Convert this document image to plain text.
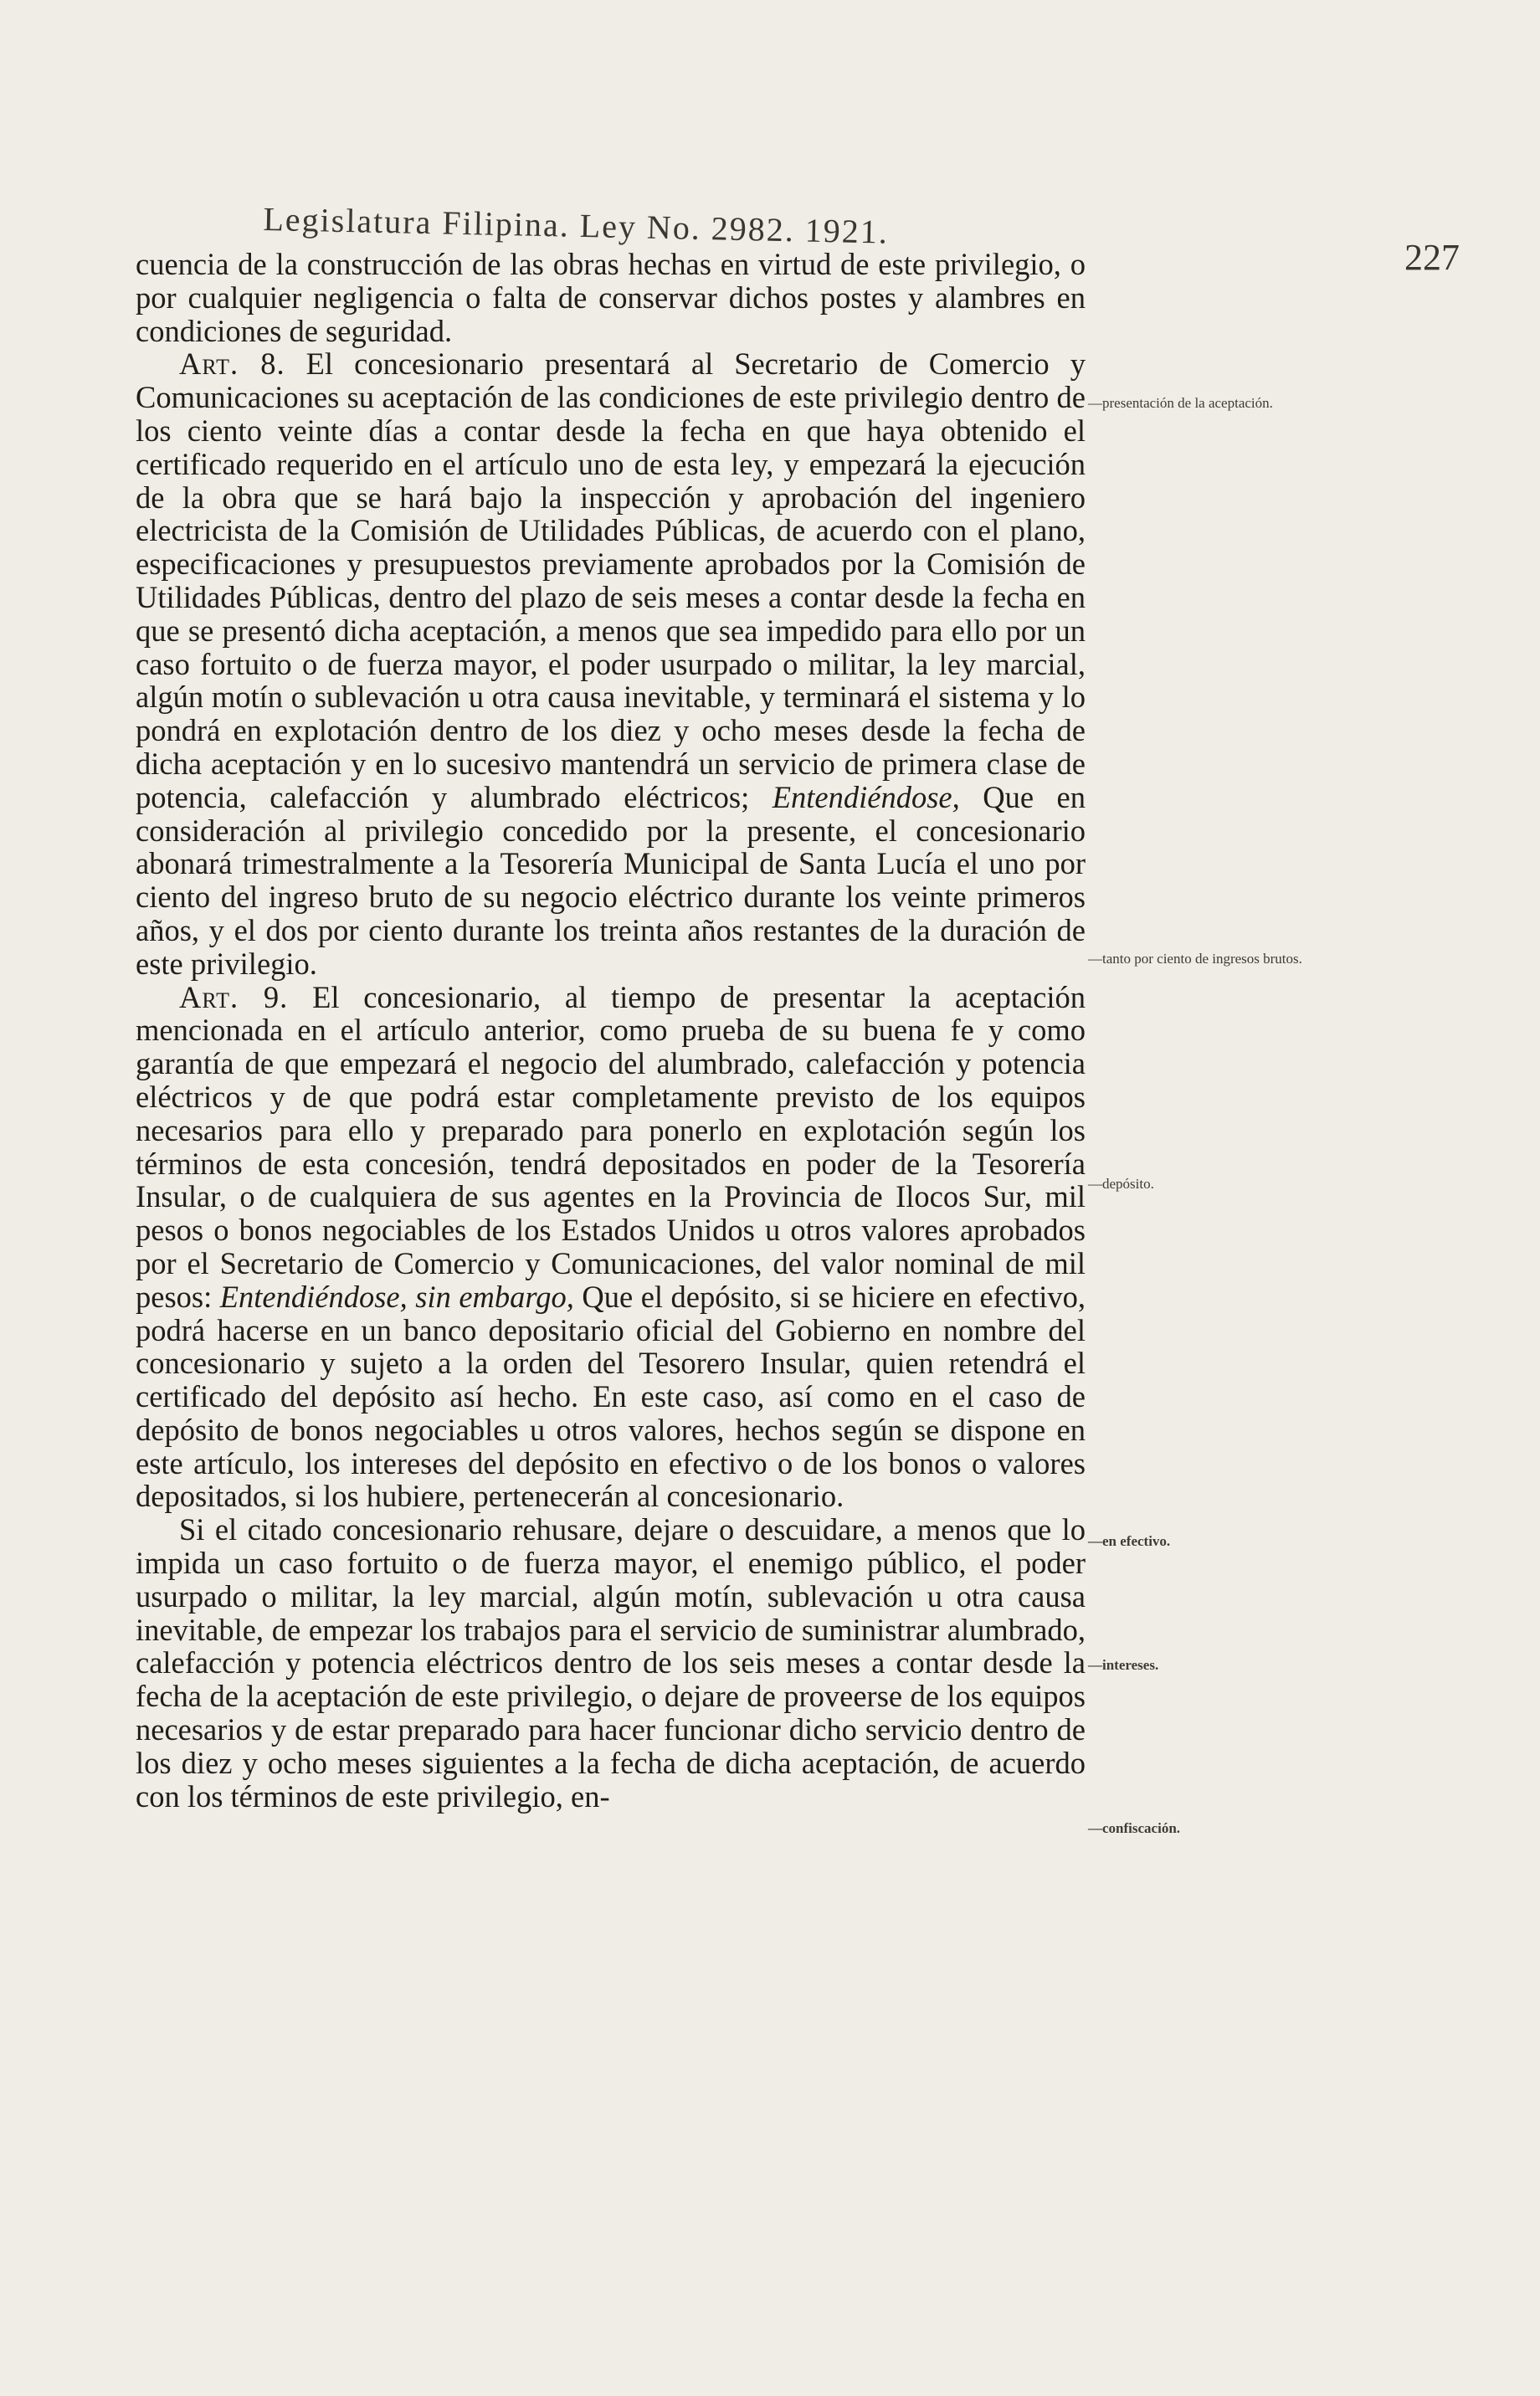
Legislatura Filipina. Ley No. 2982. 1921.
227

cuencia de la construcción de las obras hechas en virtud de este privilegio, o por cualquier negligencia o falta de conservar dichos postes y alambres en condiciones de seguridad.

Art. 8. El concesionario presentará al Secretario de Comercio y Comunicaciones su aceptación de las condiciones de este privilegio dentro de los ciento veinte días a contar desde la fecha en que haya obtenido el certificado requerido en el artículo uno de esta ley, y empezará la ejecución de la obra que se hará bajo la inspección y aprobación del ingeniero electricista de la Comisión de Utilidades Públicas, de acuerdo con el plano, especificaciones y presupuestos previamente aprobados por la Comisión de Utilidades Públicas, dentro del plazo de seis meses a contar desde la fecha en que se presentó dicha aceptación, a menos que sea impedido para ello por un caso fortuito o de fuerza mayor, el poder usurpado o militar, la ley marcial, algún motín o sublevación u otra causa inevitable, y terminará el sistema y lo pondrá en explotación dentro de los diez y ocho meses desde la fecha de dicha aceptación y en lo sucesivo mantendrá un servicio de primera clase de potencia, calefacción y alumbrado eléctricos; Entendiéndose, Que en consideración al privilegio concedido por la presente, el concesionario abonará trimestralmente a la Tesorería Municipal de Santa Lucía el uno por ciento del ingreso bruto de su negocio eléctrico durante los veinte primeros años, y el dos por ciento durante los treinta años restantes de la duración de este privilegio.

Art. 9. El concesionario, al tiempo de presentar la aceptación mencionada en el artículo anterior, como prueba de su buena fe y como garantía de que empezará el negocio del alumbrado, calefacción y potencia eléctricos y de que podrá estar completamente previsto de los equipos necesarios para ello y preparado para ponerlo en explotación según los términos de esta concesión, tendrá depositados en poder de la Tesorería Insular, o de cualquiera de sus agentes en la Provincia de Ilocos Sur, mil pesos o bonos negociables de los Estados Unidos u otros valores aprobados por el Secretario de Comercio y Comunicaciones, del valor nominal de mil pesos: Entendiéndose, sin embargo, Que el depósito, si se hiciere en efectivo, podrá hacerse en un banco depositario oficial del Gobierno en nombre del concesionario y sujeto a la orden del Tesorero Insular, quien retendrá el certificado del depósito así hecho. En este caso, así como en el caso de depósito de bonos negociables u otros valores, hechos según se dispone en este artículo, los intereses del depósito en efectivo o de los bonos o valores depositados, si los hubiere, pertenecerán al concesionario.

Si el citado concesionario rehusare, dejare o descuidare, a menos que lo impida un caso fortuito o de fuerza mayor, el enemigo público, el poder usurpado o militar, la ley marcial, algún motín, sublevación u otra causa inevitable, de empezar los trabajos para el servicio de suministrar alumbrado, calefacción y potencia eléctricos dentro de los seis meses a contar desde la fecha de la aceptación de este privilegio, o dejare de proveerse de los equipos necesarios y de estar preparado para hacer funcionar dicho servicio dentro de los diez y ocho meses siguientes a la fecha de dicha aceptación, de acuerdo con los términos de este privilegio, en-

—presentación de la aceptación.
—tanto por ciento de ingresos brutos.
—depósito.
—en efectivo.
—intereses.
—confiscación.
